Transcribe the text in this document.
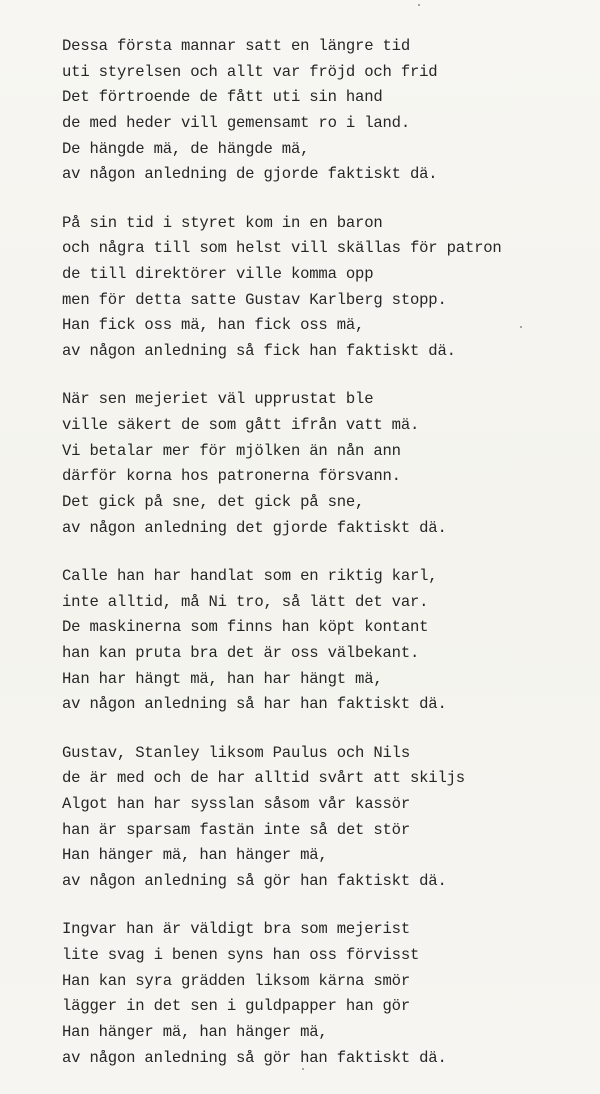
Dessa första mannar satt en längre tid
uti styrelsen och allt var fröjd och frid
Det förtroende de fått uti sin hand
de med heder vill gemensamt ro i land.
De hängde mä, de hängde mä,
av någon anledning de gjorde faktiskt dä.
På sin tid i styret kom in en baron
och några till som helst vill skällas för patron
de till direktörer ville komma opp
men för detta satte Gustav Karlberg stopp.
Han fick oss mä, han fick oss mä,
av någon anledning så fick han faktiskt dä.
När sen mejeriet väl upprustat ble
ville säkert de som gått ifrån vatt mä.
Vi betalar mer för mjölken än nån ann
därför korna hos patronerna försvann.
Det gick på sne, det gick på sne,
av någon anledning det gjorde faktiskt dä.
Calle han har handlat som en riktig karl,
inte alltid, må Ni tro, så lätt det var.
De maskinerna som finns han köpt kontant
han kan pruta bra det är oss välbekant.
Han har hängt mä, han har hängt mä,
av någon anledning så har han faktiskt dä.
Gustav, Stanley liksom Paulus och Nils
de är med och de har alltid svårt att skiljs
Algot han har sysslan såsom vår kassör
han är sparsam fastän inte så det stör
Han hänger mä, han hänger mä,
av någon anledning så gör han faktiskt dä.
Ingvar han är väldigt bra som mejerist
lite svag i benen syns han oss förvisst
Han kan syra grädden liksom kärna smör
lägger in det sen i guldpapper han gör
Han hänger mä, han hänger mä,
av någon anledning så gör han faktiskt dä.
